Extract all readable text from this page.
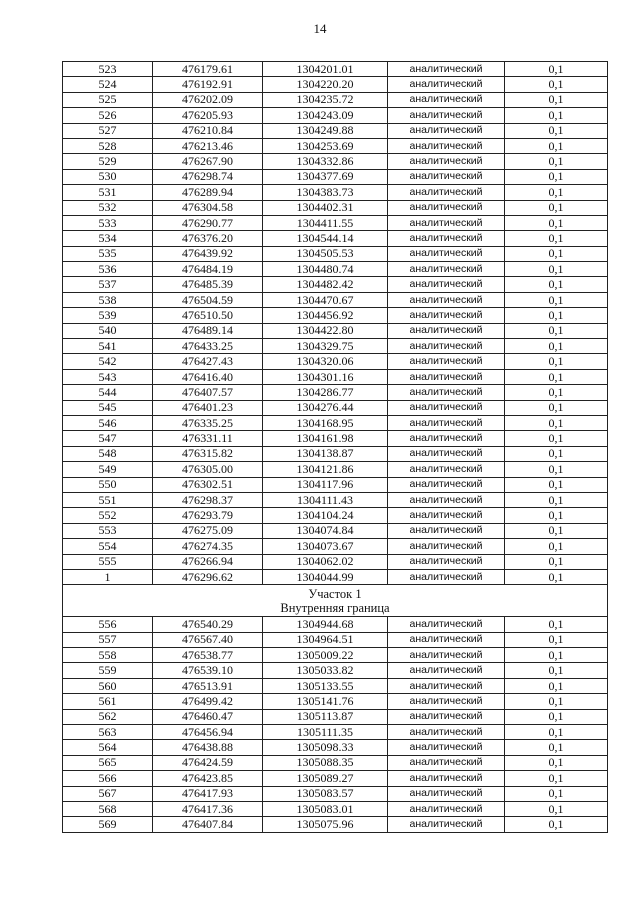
14
523	476179.61	1304201.01	аналитический	0,1
524	476192.91	1304220.20	аналитический	0,1
525	476202.09	1304235.72	аналитический	0,1
526	476205.93	1304243.09	аналитический	0,1
527	476210.84	1304249.88	аналитический	0,1
528	476213.46	1304253.69	аналитический	0,1
529	476267.90	1304332.86	аналитический	0,1
530	476298.74	1304377.69	аналитический	0,1
531	476289.94	1304383.73	аналитический	0,1
532	476304.58	1304402.31	аналитический	0,1
533	476290.77	1304411.55	аналитический	0,1
534	476376.20	1304544.14	аналитический	0,1
535	476439.92	1304505.53	аналитический	0,1
536	476484.19	1304480.74	аналитический	0,1
537	476485.39	1304482.42	аналитический	0,1
538	476504.59	1304470.67	аналитический	0,1
539	476510.50	1304456.92	аналитический	0,1
540	476489.14	1304422.80	аналитический	0,1
541	476433.25	1304329.75	аналитический	0,1
542	476427.43	1304320.06	аналитический	0,1
543	476416.40	1304301.16	аналитический	0,1
544	476407.57	1304286.77	аналитический	0,1
545	476401.23	1304276.44	аналитический	0,1
546	476335.25	1304168.95	аналитический	0,1
547	476331.11	1304161.98	аналитический	0,1
548	476315.82	1304138.87	аналитический	0,1
549	476305.00	1304121.86	аналитический	0,1
550	476302.51	1304117.96	аналитический	0,1
551	476298.37	1304111.43	аналитический	0,1
552	476293.79	1304104.24	аналитический	0,1
553	476275.09	1304074.84	аналитический	0,1
554	476274.35	1304073.67	аналитический	0,1
555	476266.94	1304062.02	аналитический	0,1
1	476296.62	1304044.99	аналитический	0,1

Участок 1
Внутренняя граница				

556	476540.29	1304944.68	аналитический	0,1
557	476567.40	1304964.51	аналитический	0,1
558	476538.77	1305009.22	аналитический	0,1
559	476539.10	1305033.82	аналитический	0,1
560	476513.91	1305133.55	аналитический	0,1
561	476499.42	1305141.76	аналитический	0,1
562	476460.47	1305113.87	аналитический	0,1
563	476456.94	1305111.35	аналитический	0,1
564	476438.88	1305098.33	аналитический	0,1
565	476424.59	1305088.35	аналитический	0,1
566	476423.85	1305089.27	аналитический	0,1
567	476417.93	1305083.57	аналитический	0,1
568	476417.36	1305083.01	аналитический	0,1
569	476407.84	1305075.96	аналитический	0,1
